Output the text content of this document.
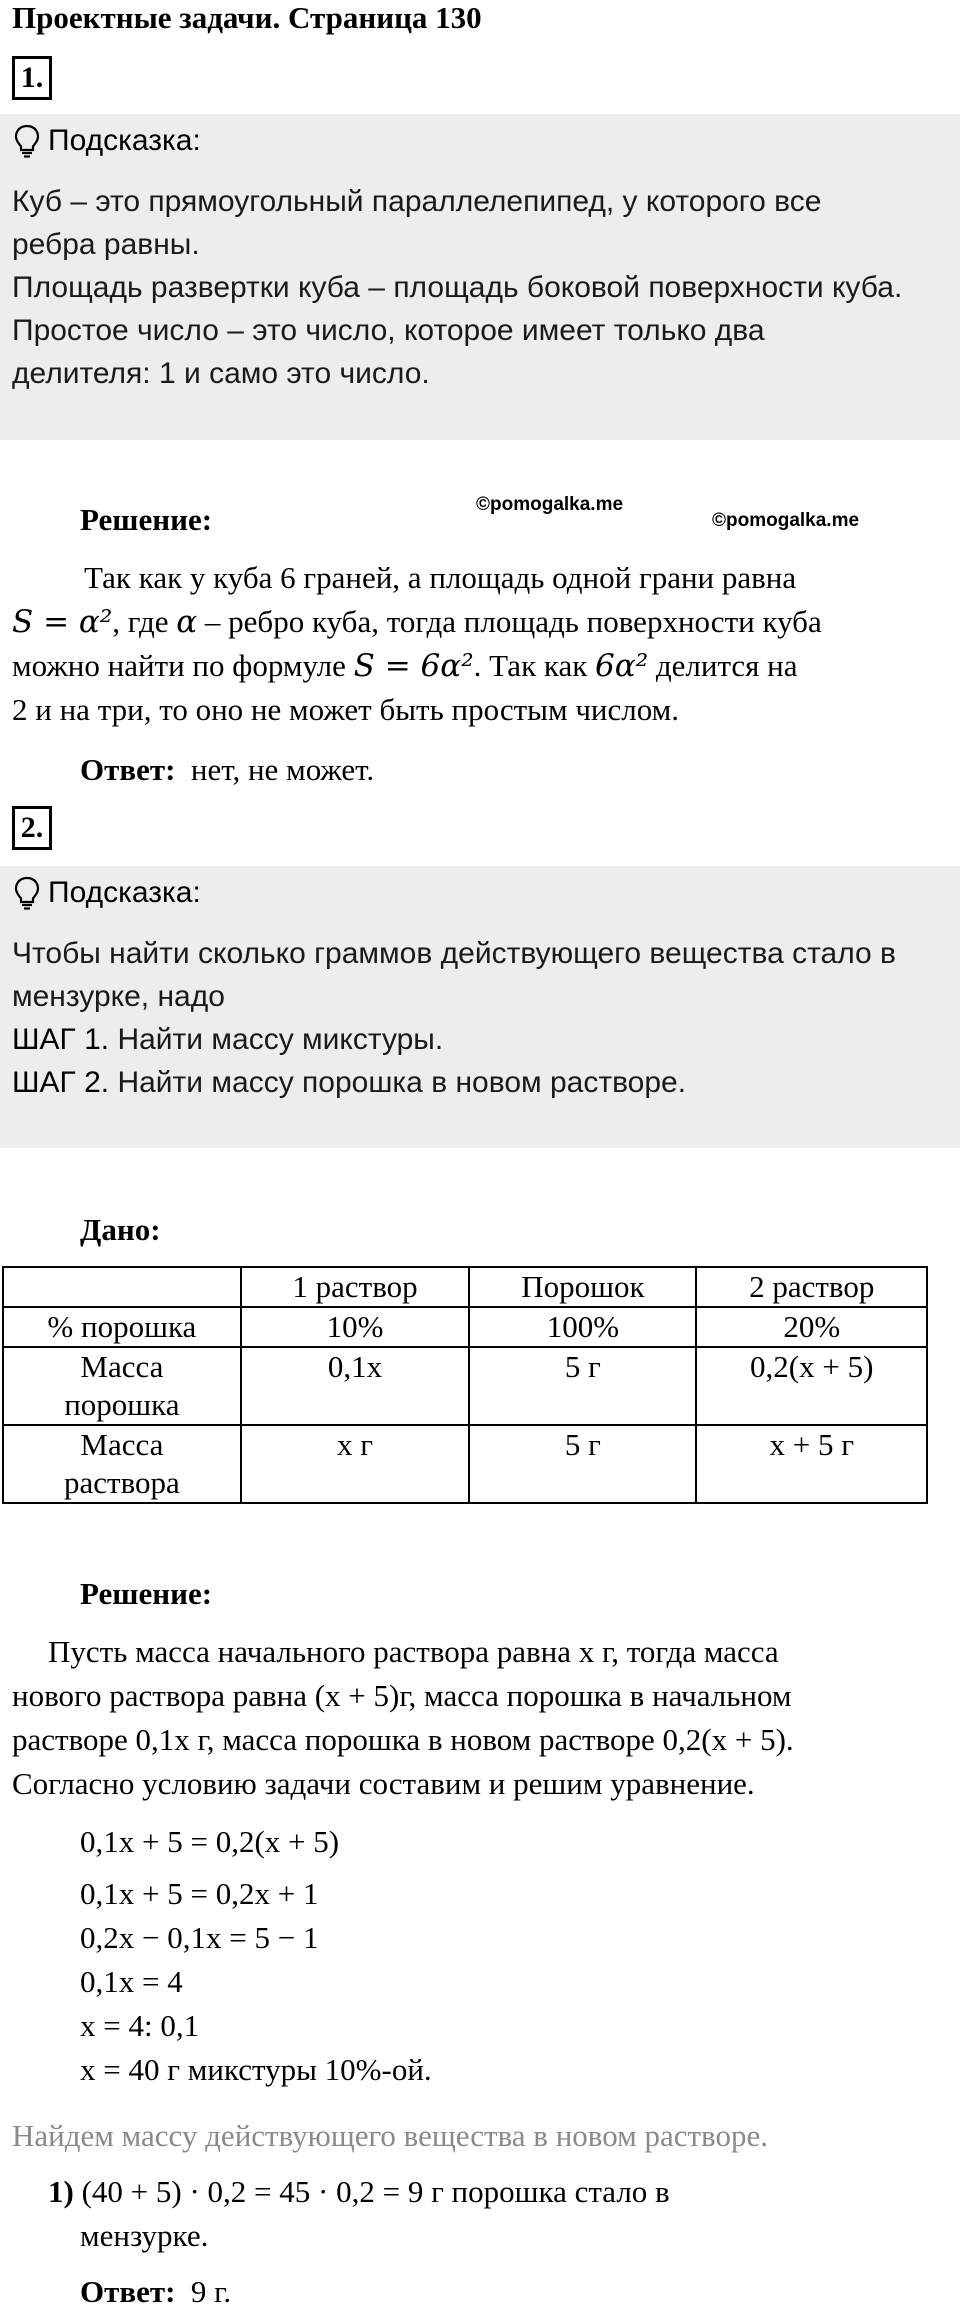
Проектные задачи. Страница 130
1.
Подсказка:
Куб – это прямоугольный параллелепипед, у которого все
ребра равны.
Площадь развертки куба – площадь боковой поверхности куба.
Простое число – это число, которое имеет только два
делителя: 1 и само это число.
©pomogalka.me
©pomogalka.me
Решение:
Так как у куба 6 граней, а площадь одной грани равна
S = α², где α – ребро куба, тогда площадь поверхности куба
можно найти по формуле S = 6α². Так как 6α² делится на
2 и на три, то оно не может быть простым числом.
Ответ: нет, не может.
2.
Подсказка:
Чтобы найти сколько граммов действующего вещества стало в
мензурке, надо
ШАГ 1. Найти массу микстуры.
ШАГ 2. Найти массу порошка в новом растворе.
Дано:
	1 раствор	Порошок	2 раствор
% порошка	10%	100%	20%
Масса порошка	0,1x	5 г	0,2(x + 5)
Масса раствора	x г	5 г	x + 5 г
Решение:
Пусть масса начального раствора равна x г, тогда масса
нового раствора равна (x + 5)г, масса порошка в начальном
растворе 0,1x г, масса порошка в новом растворе 0,2(x + 5).
Согласно условию задачи составим и решим уравнение.
0,1x + 5 = 0,2(x + 5)
0,1x + 5 = 0,2x + 1
0,2x − 0,1x = 5 − 1
0,1x = 4
x = 4: 0,1
x = 40 г микстуры 10%-ой.
Найдем массу действующего вещества в новом растворе.
1) (40 + 5) · 0,2 = 45 · 0,2 = 9 г порошка стало в
мензурке.
Ответ: 9 г.
